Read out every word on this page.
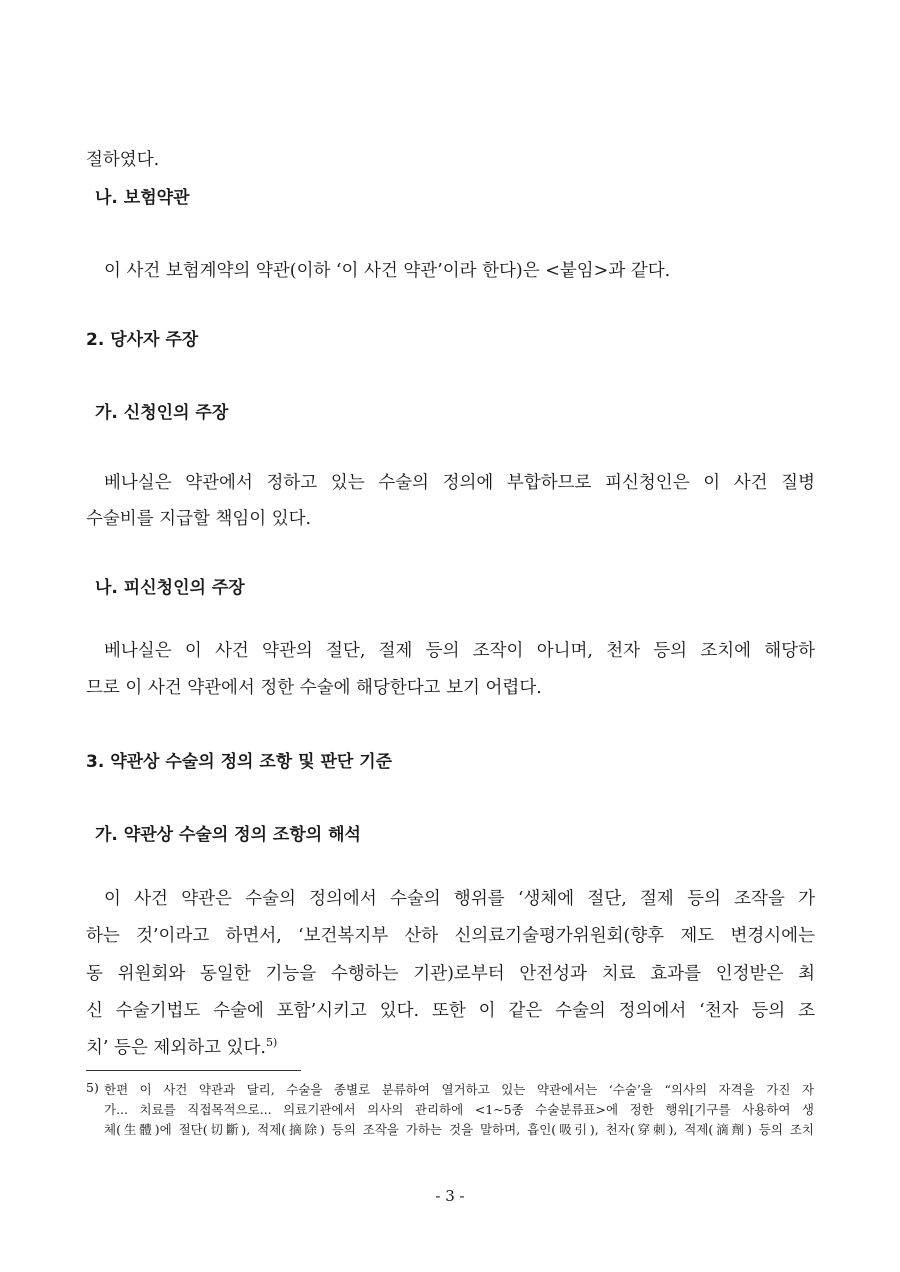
절하였다.
나. 보험약관
이 사건 보험계약의 약관(이하 ‘이 사건 약관’이라 한다)은 <붙임>과 같다.
2. 당사자 주장
가. 신청인의 주장
베나실은 약관에서 정하고 있는 수술의 정의에 부합하므로 피신청인은 이 사건 질병
수술비를 지급할 책임이 있다.
나. 피신청인의 주장
베나실은 이 사건 약관의 절단, 절제 등의 조작이 아니며, 천자 등의 조치에 해당하
므로 이 사건 약관에서 정한 수술에 해당한다고 보기 어렵다.
3. 약관상 수술의 정의 조항 및 판단 기준
가. 약관상 수술의 정의 조항의 해석
이 사건 약관은 수술의 정의에서 수술의 행위를 ‘생체에 절단, 절제 등의 조작을 가
하는 것’이라고 하면서, ‘보건복지부 산하 신의료기술평가위원회(향후 제도 변경시에는
동 위원회와 동일한 기능을 수행하는 기관)로부터 안전성과 치료 효과를 인정받은 최
신 수술기법도 수술에 포함’시키고 있다. 또한 이 같은 수술의 정의에서 ‘천자 등의 조
치’ 등은 제외하고 있다.$^{5)}$
5) 한편 이 사건 약관과 달리, 수술을 종별로 분류하여 열거하고 있는 약관에서는 ‘수술’을 “의사의 자격을 가진 자
가... 치료를 직접목적으로... 의료기관에서 의사의 관리하에 <1~5종 수술분류표>에 정한 행위[기구를 사용하여 생
체(生體)에 절단(切斷), 적제(摘除) 등의 조작을 가하는 것을 말하며, 흡인(吸引), 천자(穿刺), 적제(滴劑) 등의 조치
- 3 -
